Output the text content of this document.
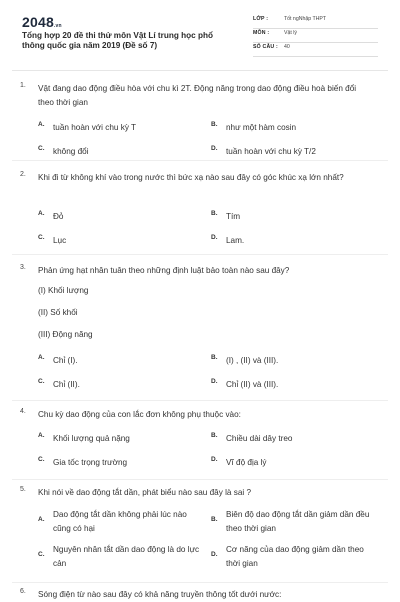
2048.vn
Tổng hợp 20 đề thi thử môn Vật Lí trung học phổ thông quốc gia năm 2019 (Đề số 7)
LỚP :	Tốt ngNhập THPT
MÔN :	Vật lý
SỐ CÂU : 40
1. Vật đang dao động điều hòa với chu kì 2T. Động năng trong dao động điều hoà biến đổi theo thời gian
A. tuần hoàn với chu kỳ T	B. như một hàm cosin
C. không đổi	D. tuần hoàn với chu kỳ T/2
2. Khi đi từ không khí vào trong nước thì bức xạ nào sau đây có góc khúc xạ lớn nhất?
A. Đỏ	B. Tím
C. Lục	D. Lam.
3. Phản ứng hạt nhân tuân theo những định luật bảo toàn nào sau đây?
(I) Khối lượng
(II) Số khối
(III) Động năng
A. Chỉ (I).	B. (I) , (II) và (III).
C. Chỉ (II).	D. Chỉ (II) và (III).
4. Chu kỳ dao động của con lắc đơn không phụ thuộc vào:
A. Khối lượng quả nặng	B. Chiều dài dây treo
C. Gia tốc trọng trường	D. Vĩ độ địa lý
5. Khi nói về dao động tắt dần, phát biểu nào sau đây là sai ?
A.
Dao động tắt dần không phải lúc nào cũng có hại
B.
Biên độ dao động tắt dần giảm dần đều theo thời gian
C.
Nguyên nhân tắt dần dao động là do lực cản
D.
Cơ năng của dao động giảm dần theo thời gian
6. Sóng điện từ nào sau đây có khả năng truyền thông tốt dưới nước:
